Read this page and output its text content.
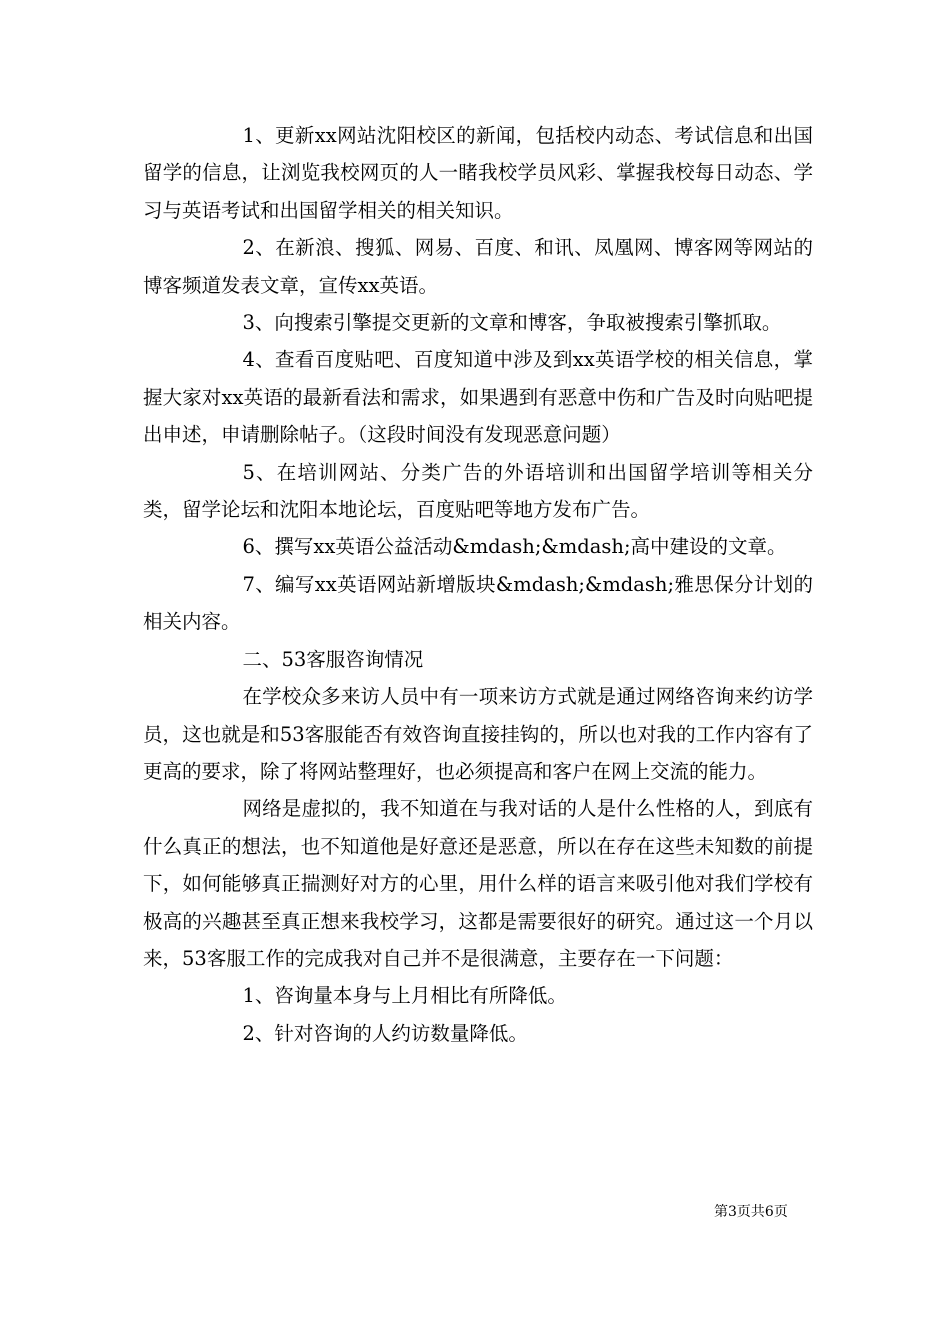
1、更新xx网站沈阳校区的新闻，包括校内动态、考试信息和出国留学的信息，让浏览我校网页的人一睹我校学员风彩、掌握我校每日动态、学习与英语考试和出国留学相关的相关知识。

2、在新浪、搜狐、网易、百度、和讯、凤凰网、博客网等网站的博客频道发表文章，宣传xx英语。

3、向搜索引擎提交更新的文章和博客，争取被搜索引擎抓取。

4、查看百度贴吧、百度知道中涉及到xx英语学校的相关信息，掌握大家对xx英语的最新看法和需求，如果遇到有恶意中伤和广告及时向贴吧提出申述，申请删除帖子。（这段时间没有发现恶意问题）

5、在培训网站、分类广告的外语培训和出国留学培训等相关分类，留学论坛和沈阳本地论坛，百度贴吧等地方发布广告。

6、撰写xx英语公益活动&mdash;&mdash;高中建设的文章。

7、编写xx英语网站新增版块&mdash;&mdash;雅思保分计划的相关内容。

二、53客服咨询情况

在学校众多来访人员中有一项来访方式就是通过网络咨询来约访学员，这也就是和53客服能否有效咨询直接挂钩的，所以也对我的工作内容有了更高的要求，除了将网站整理好，也必须提高和客户在网上交流的能力。

网络是虚拟的，我不知道在与我对话的人是什么性格的人，到底有什么真正的想法，也不知道他是好意还是恶意，所以在存在这些未知数的前提下，如何能够真正揣测好对方的心里，用什么样的语言来吸引他对我们学校有极高的兴趣甚至真正想来我校学习，这都是需要很好的研究。通过这一个月以来，53客服工作的完成我对自己并不是很满意，主要存在一下问题：

1、咨询量本身与上月相比有所降低。

2、针对咨询的人约访数量降低。

第3页共6页
